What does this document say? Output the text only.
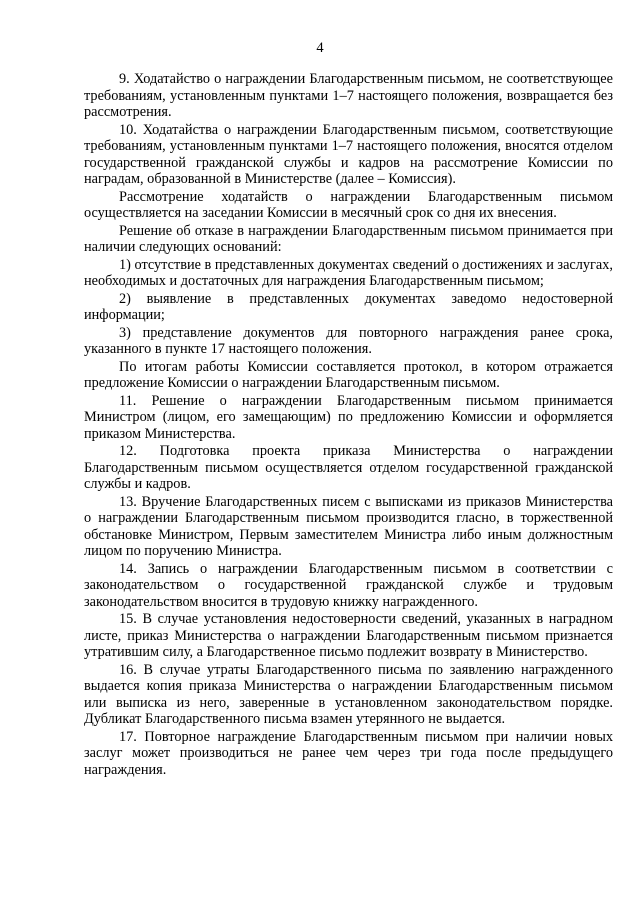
4

9. Ходатайство о награждении Благодарственным письмом, не соответствующее требованиям, установленным пунктами 1–7 настоящего положения, возвращается без рассмотрения.

10. Ходатайства о награждении Благодарственным письмом, соответствующие требованиям, установленным пунктами 1–7 настоящего положения, вносятся отделом государственной гражданской службы и кадров на рассмотрение Комиссии по наградам, образованной в Министерстве (далее – Комиссия).

Рассмотрение ходатайств о награждении Благодарственным письмом осуществляется на заседании Комиссии в месячный срок со дня их внесения.

Решение об отказе в награждении Благодарственным письмом принимается при наличии следующих оснований:

1) отсутствие в представленных документах сведений о достижениях и заслугах, необходимых и достаточных для награждения Благодарственным письмом;

2) выявление в представленных документах заведомо недостоверной информации;

3) представление документов для повторного награждения ранее срока, указанного в пункте 17 настоящего положения.

По итогам работы Комиссии составляется протокол, в котором отражается предложение Комиссии о награждении Благодарственным письмом.

11. Решение о награждении Благодарственным письмом принимается Министром (лицом, его замещающим) по предложению Комиссии и оформляется приказом Министерства.

12. Подготовка проекта приказа Министерства о награждении Благодарственным письмом осуществляется отделом государственной гражданской службы и кадров.

13. Вручение Благодарственных писем с выписками из приказов Министерства о награждении Благодарственным письмом производится гласно, в торжественной обстановке Министром, Первым заместителем Министра либо иным должностным лицом по поручению Министра.

14. Запись о награждении Благодарственным письмом в соответствии с законодательством о государственной гражданской службе и трудовым законодательством вносится в трудовую книжку награжденного.

15. В случае установления недостоверности сведений, указанных в наградном листе, приказ Министерства о награждении Благодарственным письмом признается утратившим силу, а Благодарственное письмо подлежит возврату в Министерство.

16. В случае утраты Благодарственного письма по заявлению награжденного выдается копия приказа Министерства о награждении Благодарственным письмом или выписка из него, заверенные в установленном законодательством порядке. Дубликат Благодарственного письма взамен утерянного не выдается.

17. Повторное награждение Благодарственным письмом при наличии новых заслуг может производиться не ранее чем через три года после предыдущего награждения.
